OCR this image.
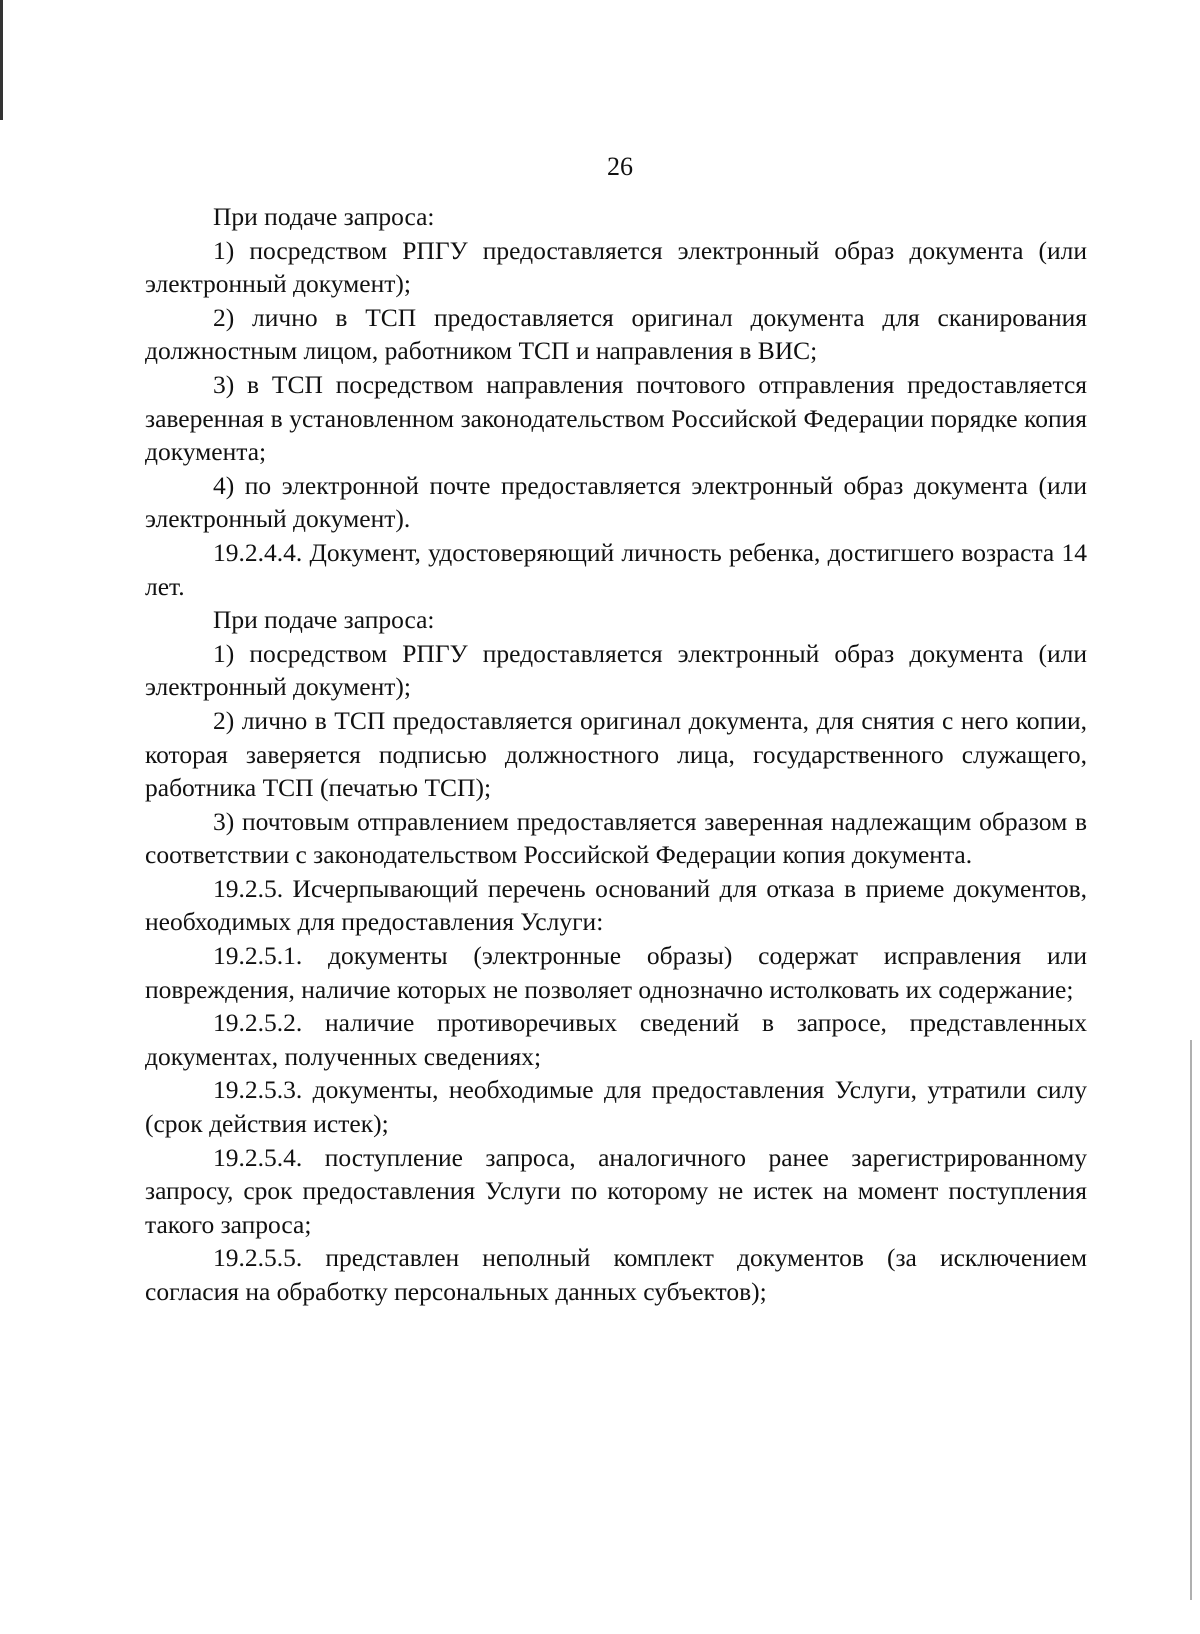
26

При подаче запроса:

1) посредством РПГУ предоставляется электронный образ документа (или электронный документ);

2) лично в ТСП предоставляется оригинал документа для сканирования должностным лицом, работником ТСП и направления в ВИС;

3) в ТСП посредством направления почтового отправления предоставляется заверенная в установленном законодательством Российской Федерации порядке копия документа;

4) по электронной почте предоставляется электронный образ документа (или электронный документ).

19.2.4.4. Документ, удостоверяющий личность ребенка, достигшего возраста 14 лет.

При подаче запроса:

1) посредством РПГУ предоставляется электронный образ документа (или электронный документ);

2) лично в ТСП предоставляется оригинал документа, для снятия с него копии, которая заверяется подписью должностного лица, государственного служащего, работника ТСП (печатью ТСП);

3) почтовым отправлением предоставляется заверенная надлежащим образом в соответствии с законодательством Российской Федерации копия документа.

19.2.5. Исчерпывающий перечень оснований для отказа в приеме документов, необходимых для предоставления Услуги:

19.2.5.1. документы (электронные образы) содержат исправления или повреждения, наличие которых не позволяет однозначно истолковать их содержание;

19.2.5.2. наличие противоречивых сведений в запросе, представленных документах, полученных сведениях;

19.2.5.3. документы, необходимые для предоставления Услуги, утратили силу (срок действия истек);

19.2.5.4. поступление запроса, аналогичного ранее зарегистрированному запросу, срок предоставления Услуги по которому не истек на момент поступления такого запроса;

19.2.5.5. представлен неполный комплект документов (за исключением согласия на обработку персональных данных субъектов);
